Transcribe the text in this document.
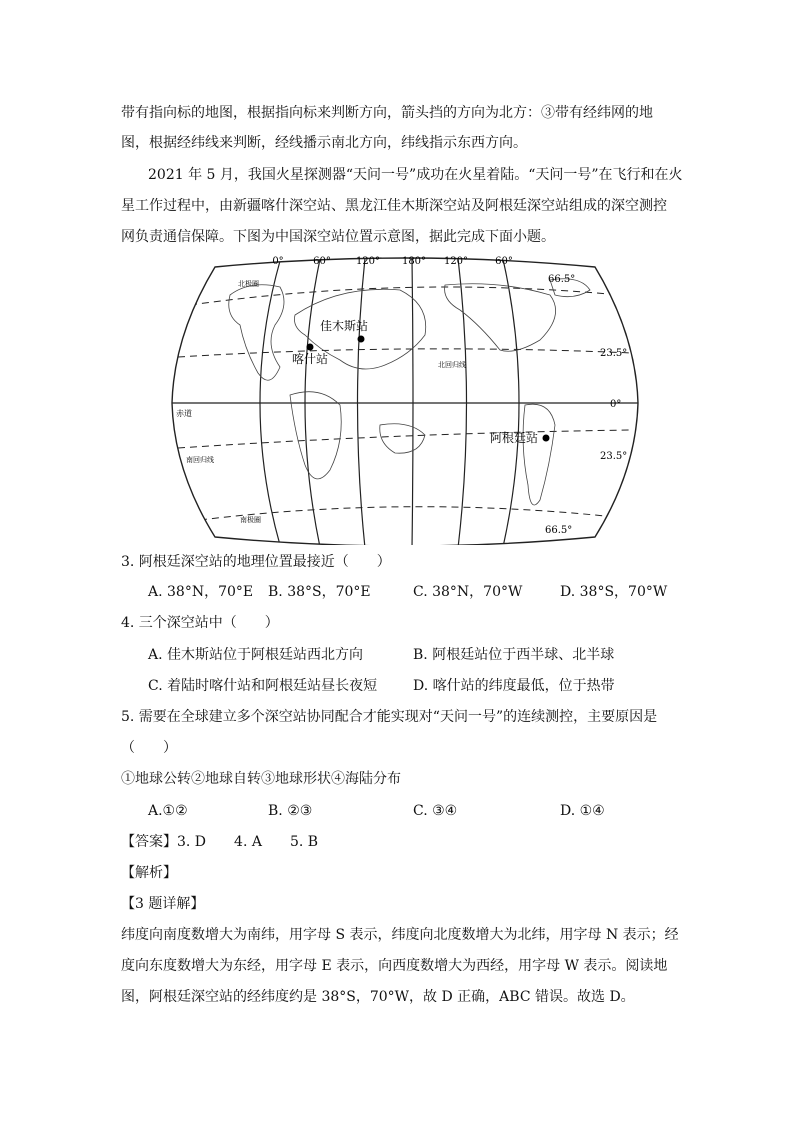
带有指向标的地图，根据指向标来判断方向，箭头挡的方向为北方：③带有经纬网的地
图，根据经纬线来判断，经线播示南北方向，纬线指示东西方向。
2021 年 5 月，我国火星探测器“天问一号”成功在火星着陆。“天问一号”在飞行和在火
星工作过程中，由新疆喀什深空站、黑龙江佳木斯深空站及阿根廷深空站组成的深空测控
网负责通信保障。下图为中国深空站位置示意图，据此完成下面小题。
0°	60°	120° 180° 120°	60°
66.5°
23.5°
0°
23.5°
66.5°
北极圈
北回归线
赤道
南回归线
南极圈
佳木斯站
喀什站
阿根廷站
3. 阿根廷深空站的地理位置最接近（　　）
A. 38°N，70°E B. 38°S，70°E	C. 38°N，70°W	D. 38°S，70°W
4. 三个深空站中（　　）
A. 佳木斯站位于阿根廷站西北方向	B. 阿根廷站位于西半球、北半球
C. 着陆时喀什站和阿根廷站昼长夜短	D. 喀什站的纬度最低，位于热带
5. 需要在全球建立多个深空站协同配合才能实现对“天问一号”的连续测控，主要原因是
（　　）
①地球公转②地球自转③地球形状④海陆分布
A.①②	B. ②③	C. ③④	D. ①④
【答案】3. D　　4. A　　5. B
【解析】
【3 题详解】
纬度向南度数增大为南纬，用字母 S 表示，纬度向北度数增大为北纬，用字母 N 表示；经
度向东度数增大为东经，用字母 E 表示，向西度数增大为西经，用字母 W 表示。阅读地
图，阿根廷深空站的经纬度约是 38°S，70°W，故 D 正确，ABC 错误。故选 D。
